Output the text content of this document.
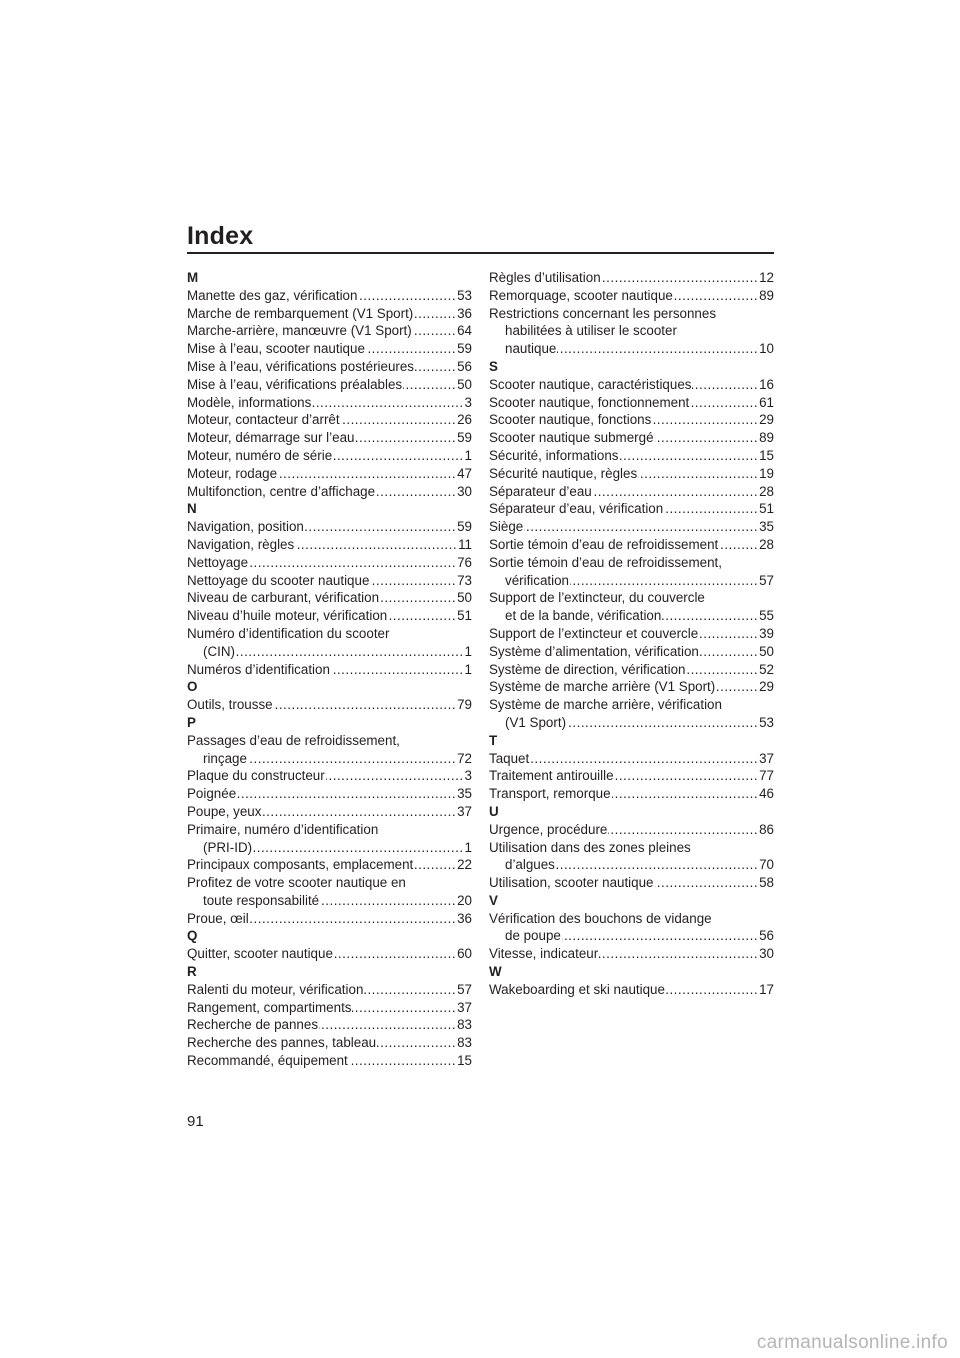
Index
M
Manette des gaz, vérification .....	53
Marche de rembarquement (V1 Sport) .....	36
Marche-arrière, manœuvre (V1 Sport) .....	64
Mise à l’eau, scooter nautique .....	59
Mise à l’eau, vérifications postérieures .....	56
Mise à l’eau, vérifications préalables .....	50
Modèle, informations .....	3
Moteur, contacteur d’arrêt .....	26
Moteur, démarrage sur l’eau .....	59
Moteur, numéro de série .....	1
Moteur, rodage .....	47
Multifonction, centre d’affichage .....	30
N
Navigation, position .....	59
Navigation, règles .....	11
Nettoyage .....	76
Nettoyage du scooter nautique .....	73
Niveau de carburant, vérification .....	50
Niveau d’huile moteur, vérification .....	51
Numéro d’identification du scooter
(CIN) .....	1
Numéros d’identification .....	1
O
Outils, trousse .....	79
P
Passages d’eau de refroidissement,
rinçage .....	72
Plaque du constructeur .....	3
Poignée .....	35
Poupe, yeux .....	37
Primaire, numéro d’identification
(PRI-ID) .....	1
Principaux composants, emplacement .....	22
Profitez de votre scooter nautique en
toute responsabilité .....	20
Proue, œil .....	36
Q
Quitter, scooter nautique .....	60
R
Ralenti du moteur, vérification .....	57
Rangement, compartiments .....	37
Recherche de pannes .....	83
Recherche des pannes, tableau .....	83
Recommandé, équipement .....	15
Règles d’utilisation .....	12
Remorquage, scooter nautique .....	89
Restrictions concernant les personnes
habilitées à utiliser le scooter
nautique .....	10
S
Scooter nautique, caractéristiques .....	16
Scooter nautique, fonctionnement .....	61
Scooter nautique, fonctions .....	29
Scooter nautique submergé .....	89
Sécurité, informations .....	15
Sécurité nautique, règles .....	19
Séparateur d’eau .....	28
Séparateur d’eau, vérification .....	51
Siège .....	35
Sortie témoin d’eau de refroidissement .....	28
Sortie témoin d’eau de refroidissement,
vérification .....	57
Support de l’extincteur, du couvercle
et de la bande, vérification .....	55
Support de l’extincteur et couvercle .....	39
Système d’alimentation, vérification .....	50
Système de direction, vérification .....	52
Système de marche arrière (V1 Sport) .....	29
Système de marche arrière, vérification
(V1 Sport) .....	53
T
Taquet .....	37
Traitement antirouille .....	77
Transport, remorque .....	46
U
Urgence, procédure .....	86
Utilisation dans des zones pleines
d’algues .....	70
Utilisation, scooter nautique .....	58
V
Vérification des bouchons de vidange
de poupe .....	56
Vitesse, indicateur .....	30
W
Wakeboarding et ski nautique .....	17
91
carmanualsonline.info
